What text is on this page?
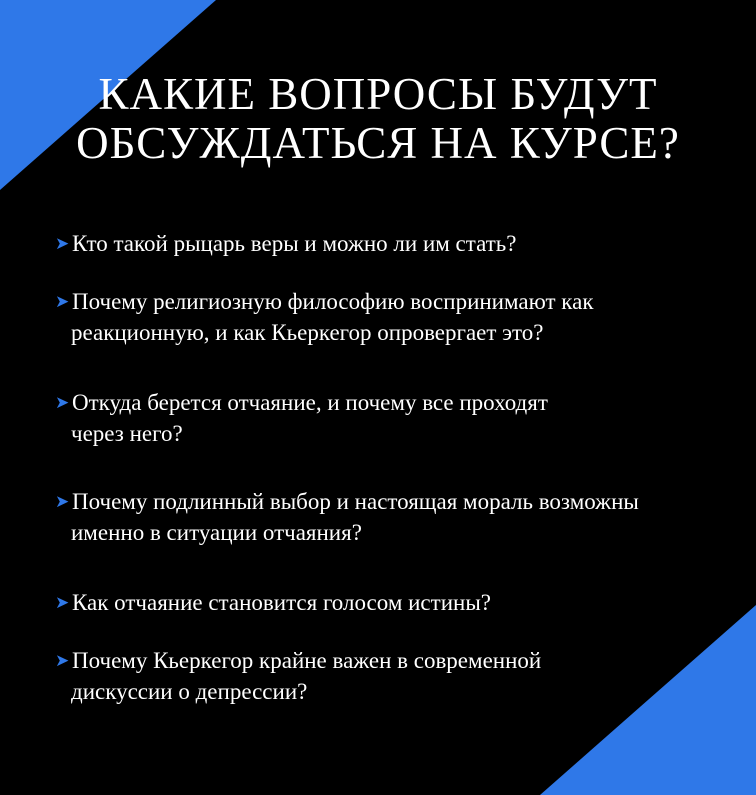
КАКИЕ ВОПРОСЫ БУДУТ
ОБСУЖДАТЬСЯ НА КУРСЕ?
➤ Кто такой рыцарь веры и можно ли им стать?
➤ Почему религиозную философию воспринимают как
реакционную, и как Кьеркегор опровергает это?
➤ Откуда берется отчаяние, и почему все проходят
через него?
➤ Почему подлинный выбор и настоящая мораль возможны
именно в ситуации отчаяния?
➤ Как отчаяние становится голосом истины?
➤ Почему Кьеркегор крайне важен в современной
дискуссии о депрессии?
